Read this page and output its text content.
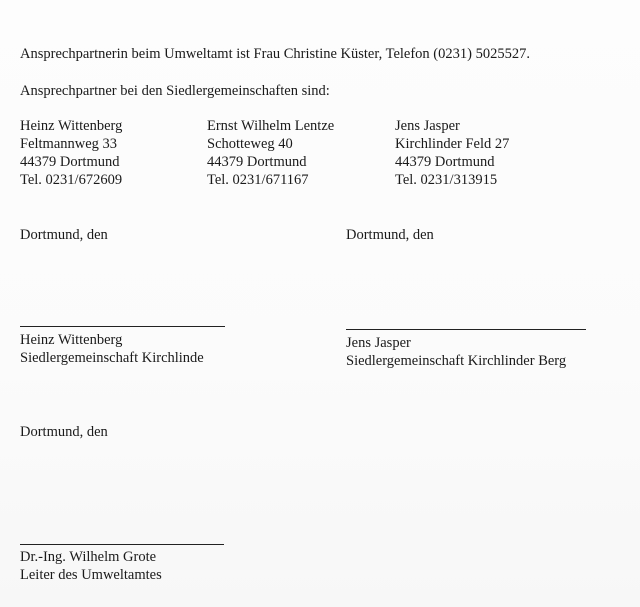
Ansprechpartnerin beim Umweltamt ist Frau Christine Küster, Telefon (0231) 5025527.
Ansprechpartner bei den Siedlergemeinschaften sind:
Heinz Wittenberg
Feltmannweg 33
44379 Dortmund
Tel. 0231/672609
Ernst Wilhelm Lentze
Schotteweg 40
44379 Dortmund
Tel. 0231/671167
Jens Jasper
Kirchlinder Feld 27
44379 Dortmund
Tel. 0231/313915
Dortmund, den
Heinz Wittenberg
Siedlergemeinschaft Kirchlinde
Dortmund, den
Jens Jasper
Siedlergemeinschaft Kirchlinder Berg
Dortmund, den
Dr.-Ing. Wilhelm Grote
Leiter des Umweltamtes
